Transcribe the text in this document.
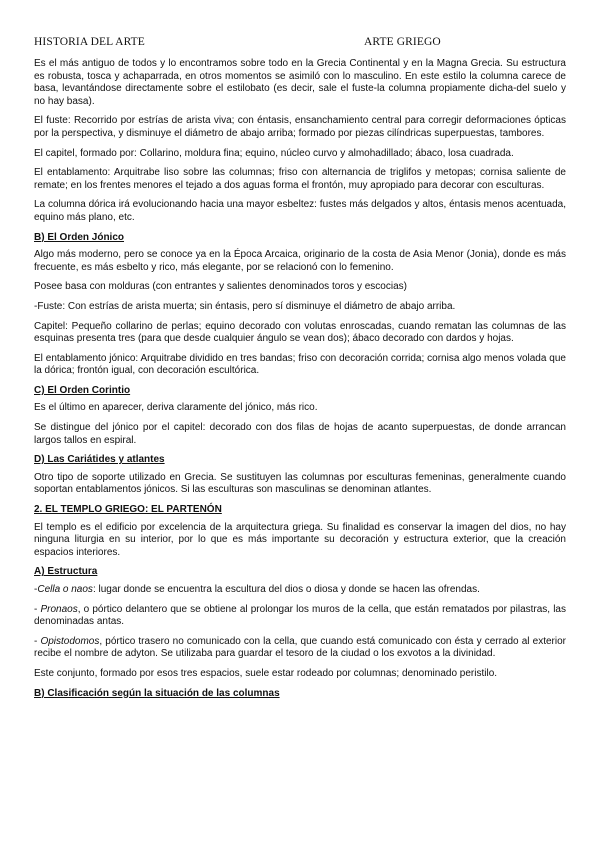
HISTORIA DEL ARTE	ARTE GRIEGO

Es el más antiguo de todos y lo encontramos sobre todo en la Grecia Continental y en la Magna Grecia. Su estructura es robusta, tosca y achaparrada, en otros momentos se asimiló con lo masculino. En este estilo la columna carece de basa, levantándose directamente sobre el estilobato (es decir, sale el fuste-la columna propiamente dicha-del suelo y no hay basa).

El fuste: Recorrido por estrías de arista viva; con éntasis, ensanchamiento central para corregir deformaciones ópticas por la perspectiva, y disminuye el diámetro de abajo arriba; formado por piezas cilíndricas superpuestas, tambores.

El capitel, formado por: Collarino, moldura fina; equino, núcleo curvo y almohadillado; ábaco, losa cuadrada.

El entablamento: Arquitrabe liso sobre las columnas; friso con alternancia de triglifos y metopas; cornisa saliente de remate; en los frentes menores el tejado a dos aguas forma el frontón, muy apropiado para decorar con esculturas.

La columna dórica irá evolucionando hacia una mayor esbeltez: fustes más delgados y altos, éntasis menos acentuada, equino más plano, etc.

B) El Orden Jónico

Algo más moderno, pero se conoce ya en la Época Arcaica, originario de la costa de Asia Menor (Jonia), donde es más frecuente, es más esbelto y rico, más elegante, por se relacionó con lo femenino.

Posee basa con molduras (con entrantes y salientes denominados toros y escocias)

-Fuste: Con estrías de arista muerta; sin éntasis, pero sí disminuye el diámetro de abajo arriba.

Capitel: Pequeño collarino de perlas; equino decorado con volutas enroscadas, cuando rematan las columnas de las esquinas presenta tres (para que desde cualquier ángulo se vean dos); ábaco decorado con dardos y hojas.

El entablamento jónico: Arquitrabe dividido en tres bandas; friso con decoración corrida; cornisa algo menos volada que la dórica; frontón igual, con decoración escultórica.

C) El Orden Corintio

Es el último en aparecer, deriva claramente del jónico, más rico.

Se distingue del jónico por el capitel: decorado con dos filas de hojas de acanto superpuestas, de donde arrancan largos tallos en espiral.

D) Las Cariátides y atlantes

Otro tipo de soporte utilizado en Grecia. Se sustituyen las columnas por esculturas femeninas, generalmente cuando soportan entablamentos jónicos. Si las esculturas son masculinas se denominan atlantes.

2. EL TEMPLO GRIEGO: EL PARTENÓN

El templo es el edificio por excelencia de la arquitectura griega. Su finalidad es conservar la imagen del dios, no hay ninguna liturgia en su interior, por lo que es más importante su decoración y estructura exterior, que la creación espacios interiores.

A) Estructura

-Cella o naos: lugar donde se encuentra la escultura del dios o diosa y donde se hacen las ofrendas.

- Pronaos, o pórtico delantero que se obtiene al prolongar los muros de la cella, que están rematados por pilastras, las denominadas antas.

- Opistodomos, pórtico trasero no comunicado con la cella, que cuando está comunicado con ésta y cerrado al exterior recibe el nombre de adyton. Se utilizaba para guardar el tesoro de la ciudad o los exvotos a la divinidad.

Este conjunto, formado por esos tres espacios, suele estar rodeado por columnas; denominado peristilo.

B) Clasificación según la situación de las columnas
